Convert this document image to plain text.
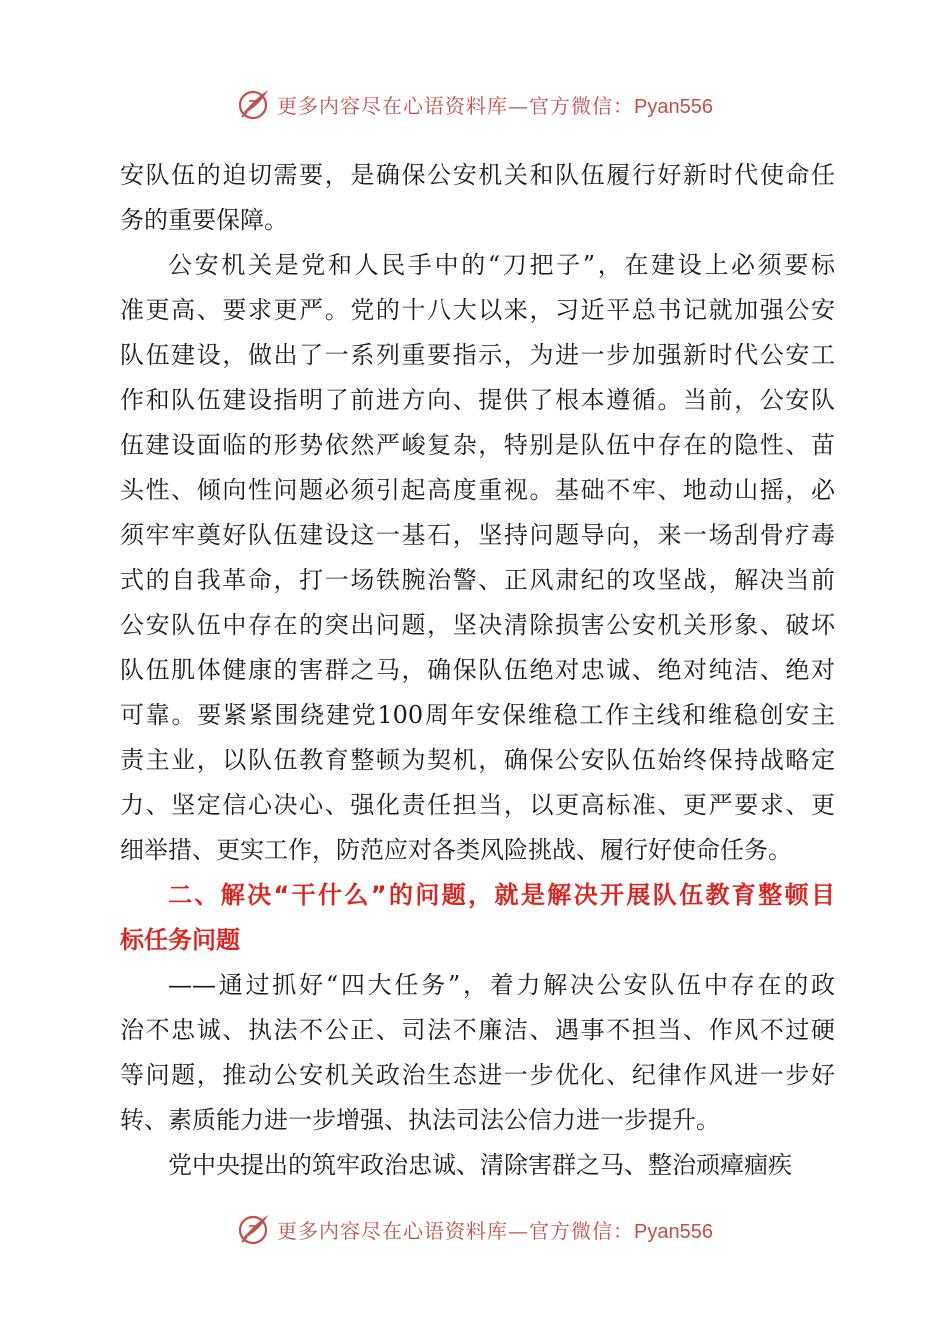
更多内容尽在心语资料库—官方微信：Pyan556
安队伍的迫切需要，是确保公安机关和队伍履行好新时代使命任
务的重要保障。
公安机关是党和人民手中的“刀把子”，在建设上必须要标
准更高、要求更严。党的十八大以来，习近平总书记就加强公安
队伍建设，做出了一系列重要指示，为进一步加强新时代公安工
作和队伍建设指明了前进方向、提供了根本遵循。当前，公安队
伍建设面临的形势依然严峻复杂，特别是队伍中存在的隐性、苗
头性、倾向性问题必须引起高度重视。基础不牢、地动山摇，必
须牢牢奠好队伍建设这一基石，坚持问题导向，来一场刮骨疗毒
式的自我革命，打一场铁腕治警、正风肃纪的攻坚战，解决当前
公安队伍中存在的突出问题，坚决清除损害公安机关形象、破坏
队伍肌体健康的害群之马，确保队伍绝对忠诚、绝对纯洁、绝对
可靠。要紧紧围绕建党100周年安保维稳工作主线和维稳创安主
责主业，以队伍教育整顿为契机，确保公安队伍始终保持战略定
力、坚定信心决心、强化责任担当，以更高标准、更严要求、更
细举措、更实工作，防范应对各类风险挑战、履行好使命任务。
二、解决“干什么”的问题，就是解决开展队伍教育整顿目
标任务问题
——通过抓好“四大任务”，着力解决公安队伍中存在的政
治不忠诚、执法不公正、司法不廉洁、遇事不担当、作风不过硬
等问题，推动公安机关政治生态进一步优化、纪律作风进一步好
转、素质能力进一步增强、执法司法公信力进一步提升。
党中央提出的筑牢政治忠诚、清除害群之马、整治顽瘴痼疾
更多内容尽在心语资料库—官方微信：Pyan556
